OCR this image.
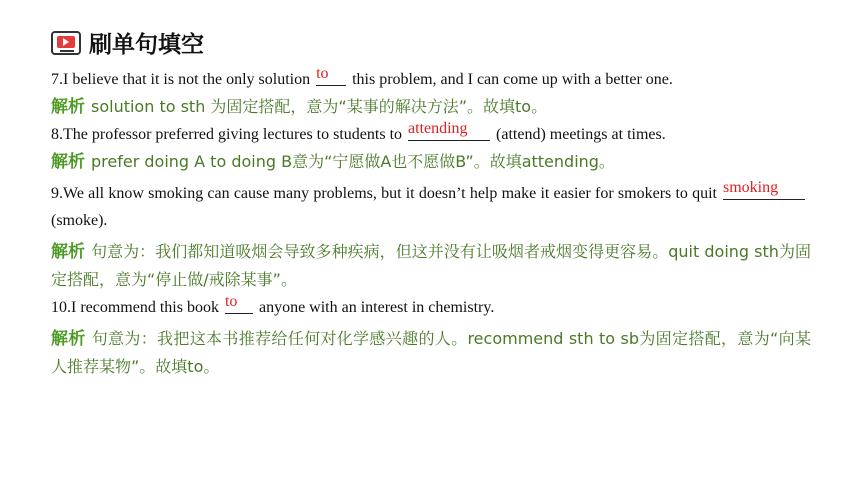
刷单句填空
7.I believe that it is not the only solution to	this problem, and I can come up with a better one.
解析 solution to sth 为固定搭配，意为“某事的解决方法”。故填to。
8.The professor preferred giving lectures to students to attending	(attend) meetings at times.
解析 prefer doing A to doing B意为“宁愿做A也不愿做B”。故填attending。
9.We all know smoking can cause many problems, but it doesn’t help make it easier for smokers to quit smoking
(smoke).
解析 句意为：我们都知道吸烟会导致多种疾病，但这并没有让吸烟者戒烟变得更容易。quit doing sth为固定搭配，意为“停止做/戒除某事”。
10.I recommend this book to	anyone with an interest in chemistry.
解析 句意为：我把这本书推荐给任何对化学感兴趣的人。recommend sth to sb为固定搭配，意为“向某人推荐某物”。故填to。
